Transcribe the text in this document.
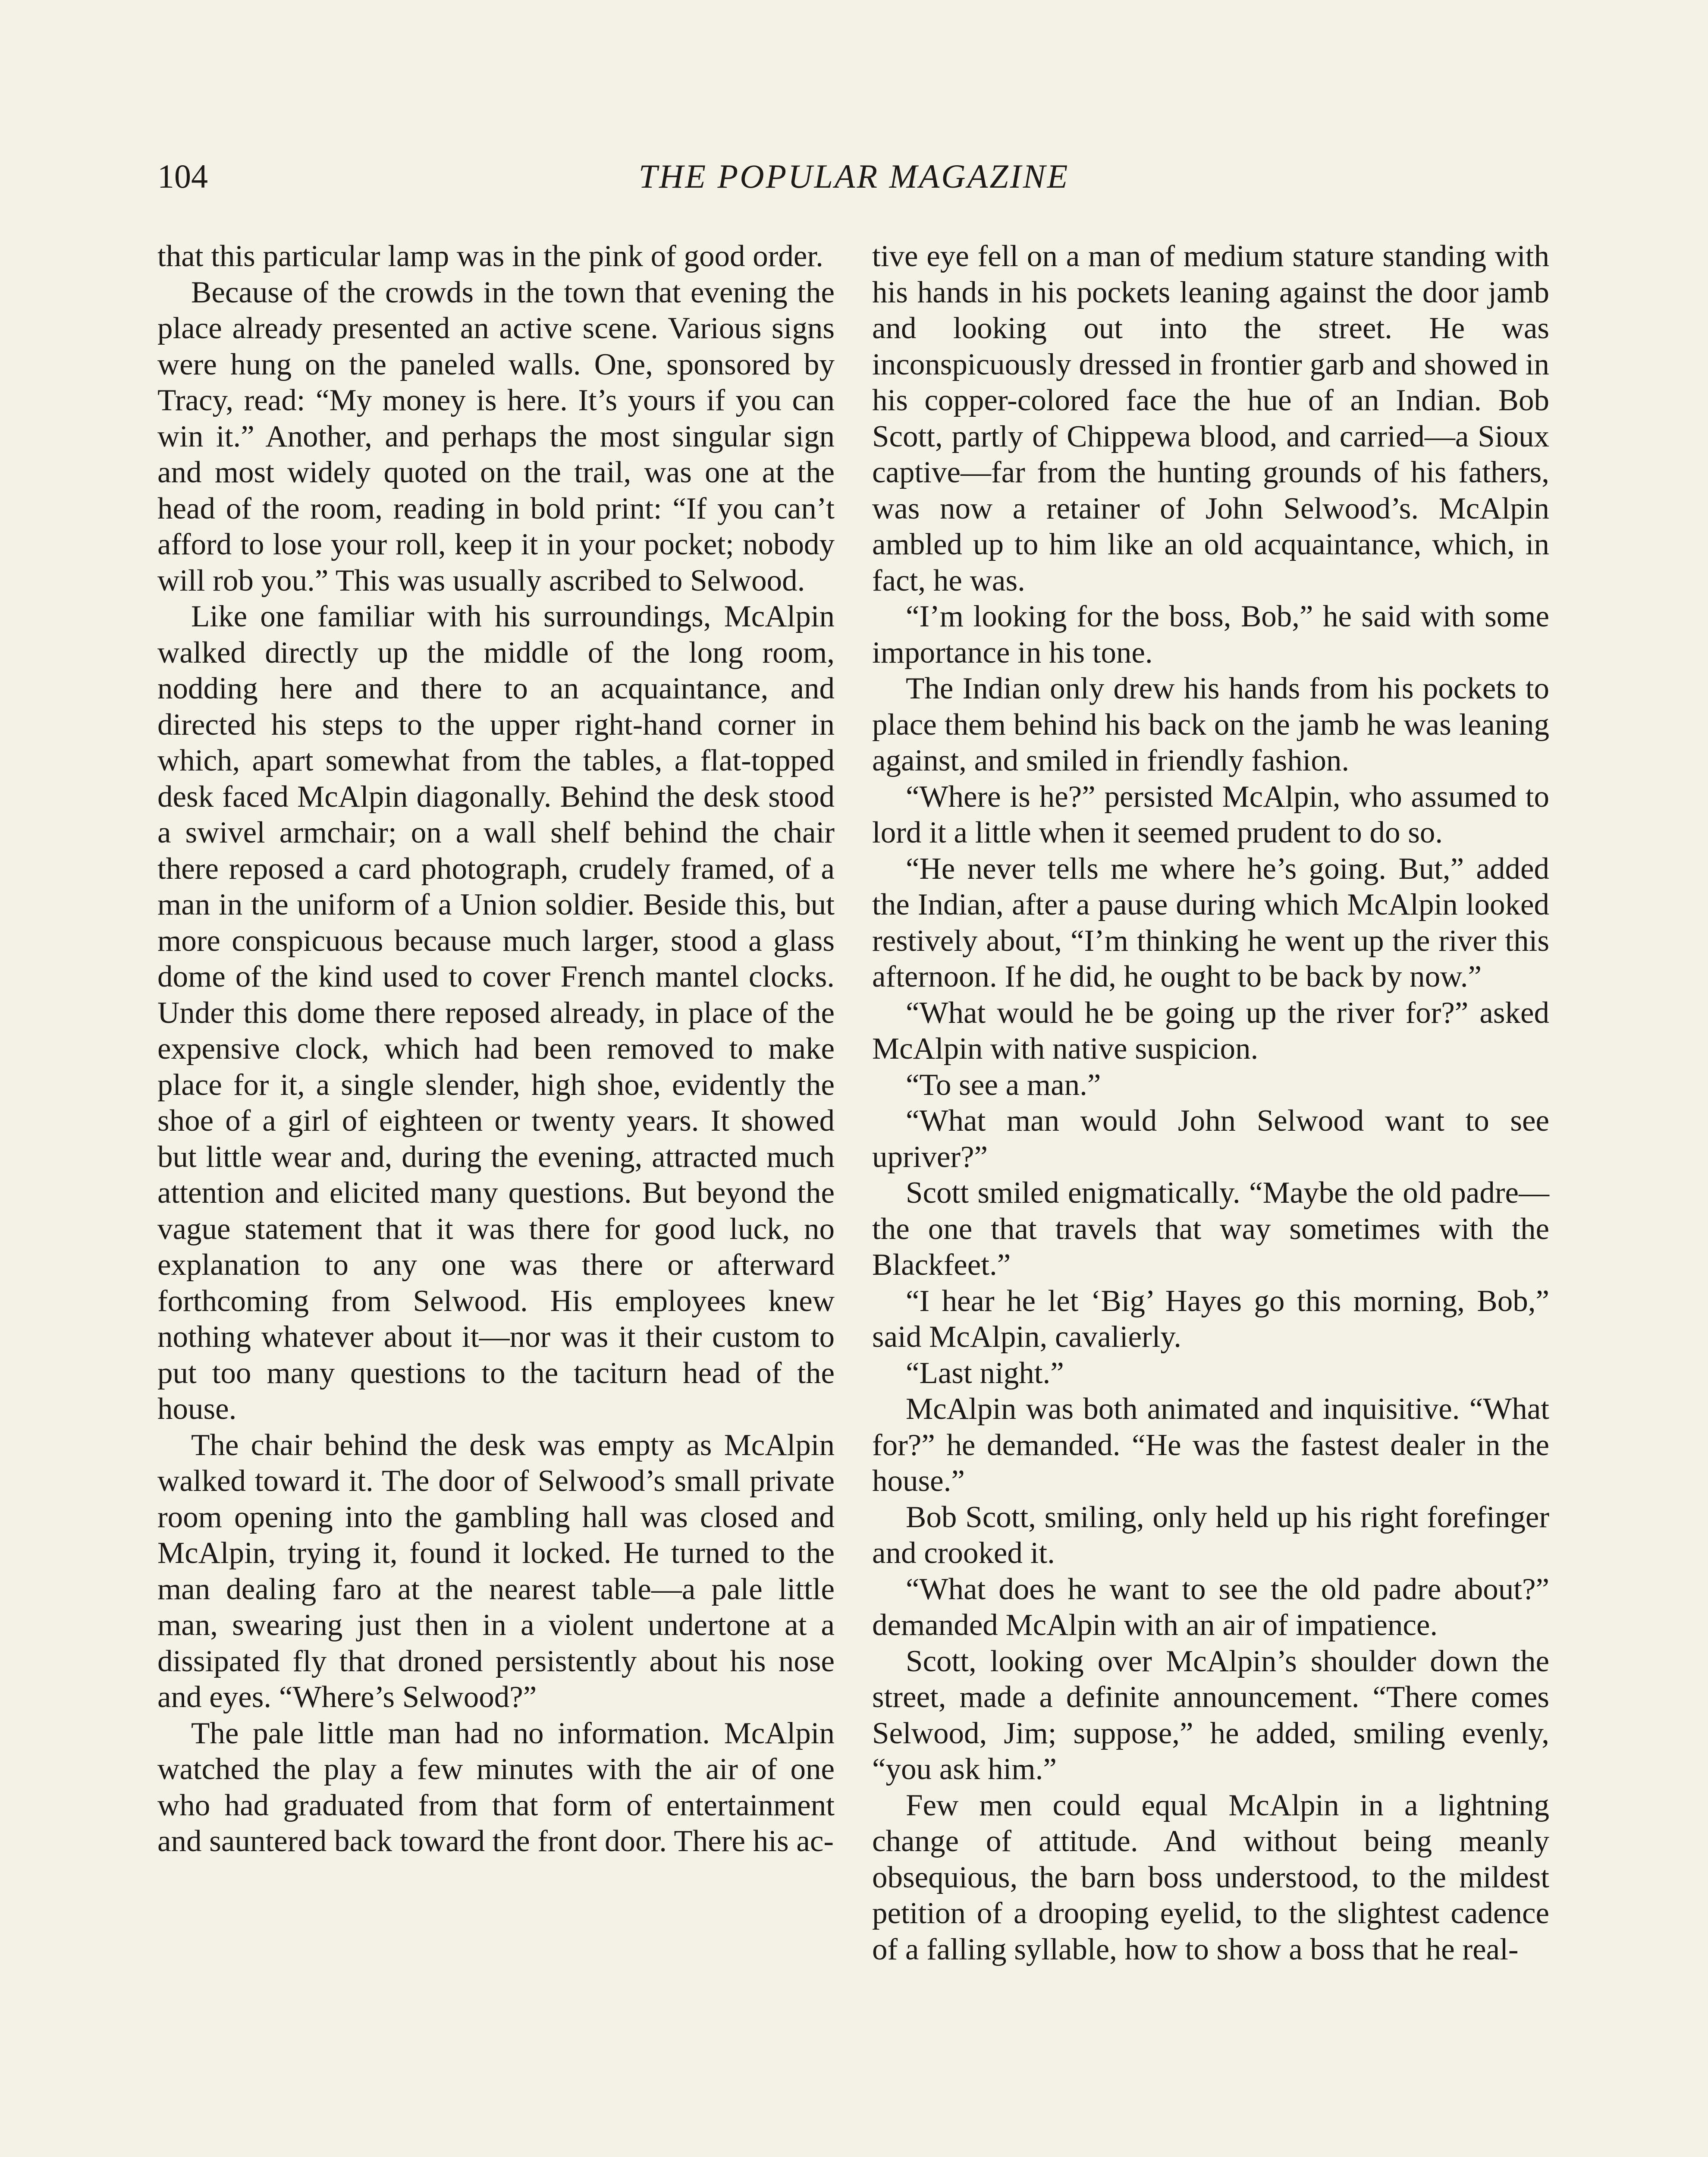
104	THE POPULAR MAGAZINE

that this particular lamp was in the pink of good order.

Because of the crowds in the town that evening the place already presented an active scene. Various signs were hung on the paneled walls. One, sponsored by Tracy, read: “My money is here. It’s yours if you can win it.” Another, and perhaps the most singular sign and most widely quoted on the trail, was one at the head of the room, reading in bold print: “If you can’t afford to lose your roll, keep it in your pocket; nobody will rob you.” This was usually ascribed to Selwood.

Like one familiar with his surroundings, McAlpin walked directly up the middle of the long room, nodding here and there to an acquaintance, and directed his steps to the upper right-hand corner in which, apart somewhat from the tables, a flat-topped desk faced McAlpin diagonally. Behind the desk stood a swivel armchair; on a wall shelf behind the chair there reposed a card photograph, crudely framed, of a man in the uniform of a Union soldier. Beside this, but more conspicuous because much larger, stood a glass dome of the kind used to cover French mantel clocks. Under this dome there reposed already, in place of the expensive clock, which had been removed to make place for it, a single slender, high shoe, evidently the shoe of a girl of eighteen or twenty years. It showed but little wear and, during the evening, attracted much attention and elicited many questions. But beyond the vague statement that it was there for good luck, no explanation to any one was there or afterward forthcoming from Selwood. His employees knew nothing whatever about it—nor was it their custom to put too many questions to the taciturn head of the house.

The chair behind the desk was empty as McAlpin walked toward it. The door of Selwood’s small private room opening into the gambling hall was closed and McAlpin, trying it, found it locked. He turned to the man dealing faro at the nearest table—a pale little man, swearing just then in a violent undertone at a dissipated fly that droned persistently about his nose and eyes. “Where’s Selwood?”

The pale little man had no information. McAlpin watched the play a few minutes with the air of one who had graduated from that form of entertainment and sauntered back toward the front door. There his ac-

tive eye fell on a man of medium stature standing with his hands in his pockets leaning against the door jamb and looking out into the street. He was inconspicuously dressed in frontier garb and showed in his copper-colored face the hue of an Indian. Bob Scott, partly of Chippewa blood, and carried—a Sioux captive—far from the hunting grounds of his fathers, was now a retainer of John Selwood’s. McAlpin ambled up to him like an old acquaintance, which, in fact, he was.

“I’m looking for the boss, Bob,” he said with some importance in his tone.

The Indian only drew his hands from his pockets to place them behind his back on the jamb he was leaning against, and smiled in friendly fashion.

“Where is he?” persisted McAlpin, who assumed to lord it a little when it seemed prudent to do so.

“He never tells me where he’s going. But,” added the Indian, after a pause during which McAlpin looked restively about, “I’m thinking he went up the river this afternoon. If he did, he ought to be back by now.”

“What would he be going up the river for?” asked McAlpin with native suspicion.

“To see a man.”

“What man would John Selwood want to see upriver?”

Scott smiled enigmatically. “Maybe the old padre—the one that travels that way sometimes with the Blackfeet.”

“I hear he let ‘Big’ Hayes go this morning, Bob,” said McAlpin, cavalierly.

“Last night.”

McAlpin was both animated and inquisitive. “What for?” he demanded. “He was the fastest dealer in the house.”

Bob Scott, smiling, only held up his right forefinger and crooked it.

“What does he want to see the old padre about?” demanded McAlpin with an air of impatience.

Scott, looking over McAlpin’s shoulder down the street, made a definite announcement. “There comes Selwood, Jim; suppose,” he added, smiling evenly, “you ask him.”

Few men could equal McAlpin in a lightning change of attitude. And without being meanly obsequious, the barn boss understood, to the mildest petition of a drooping eyelid, to the slightest cadence of a falling syllable, how to show a boss that he real-
